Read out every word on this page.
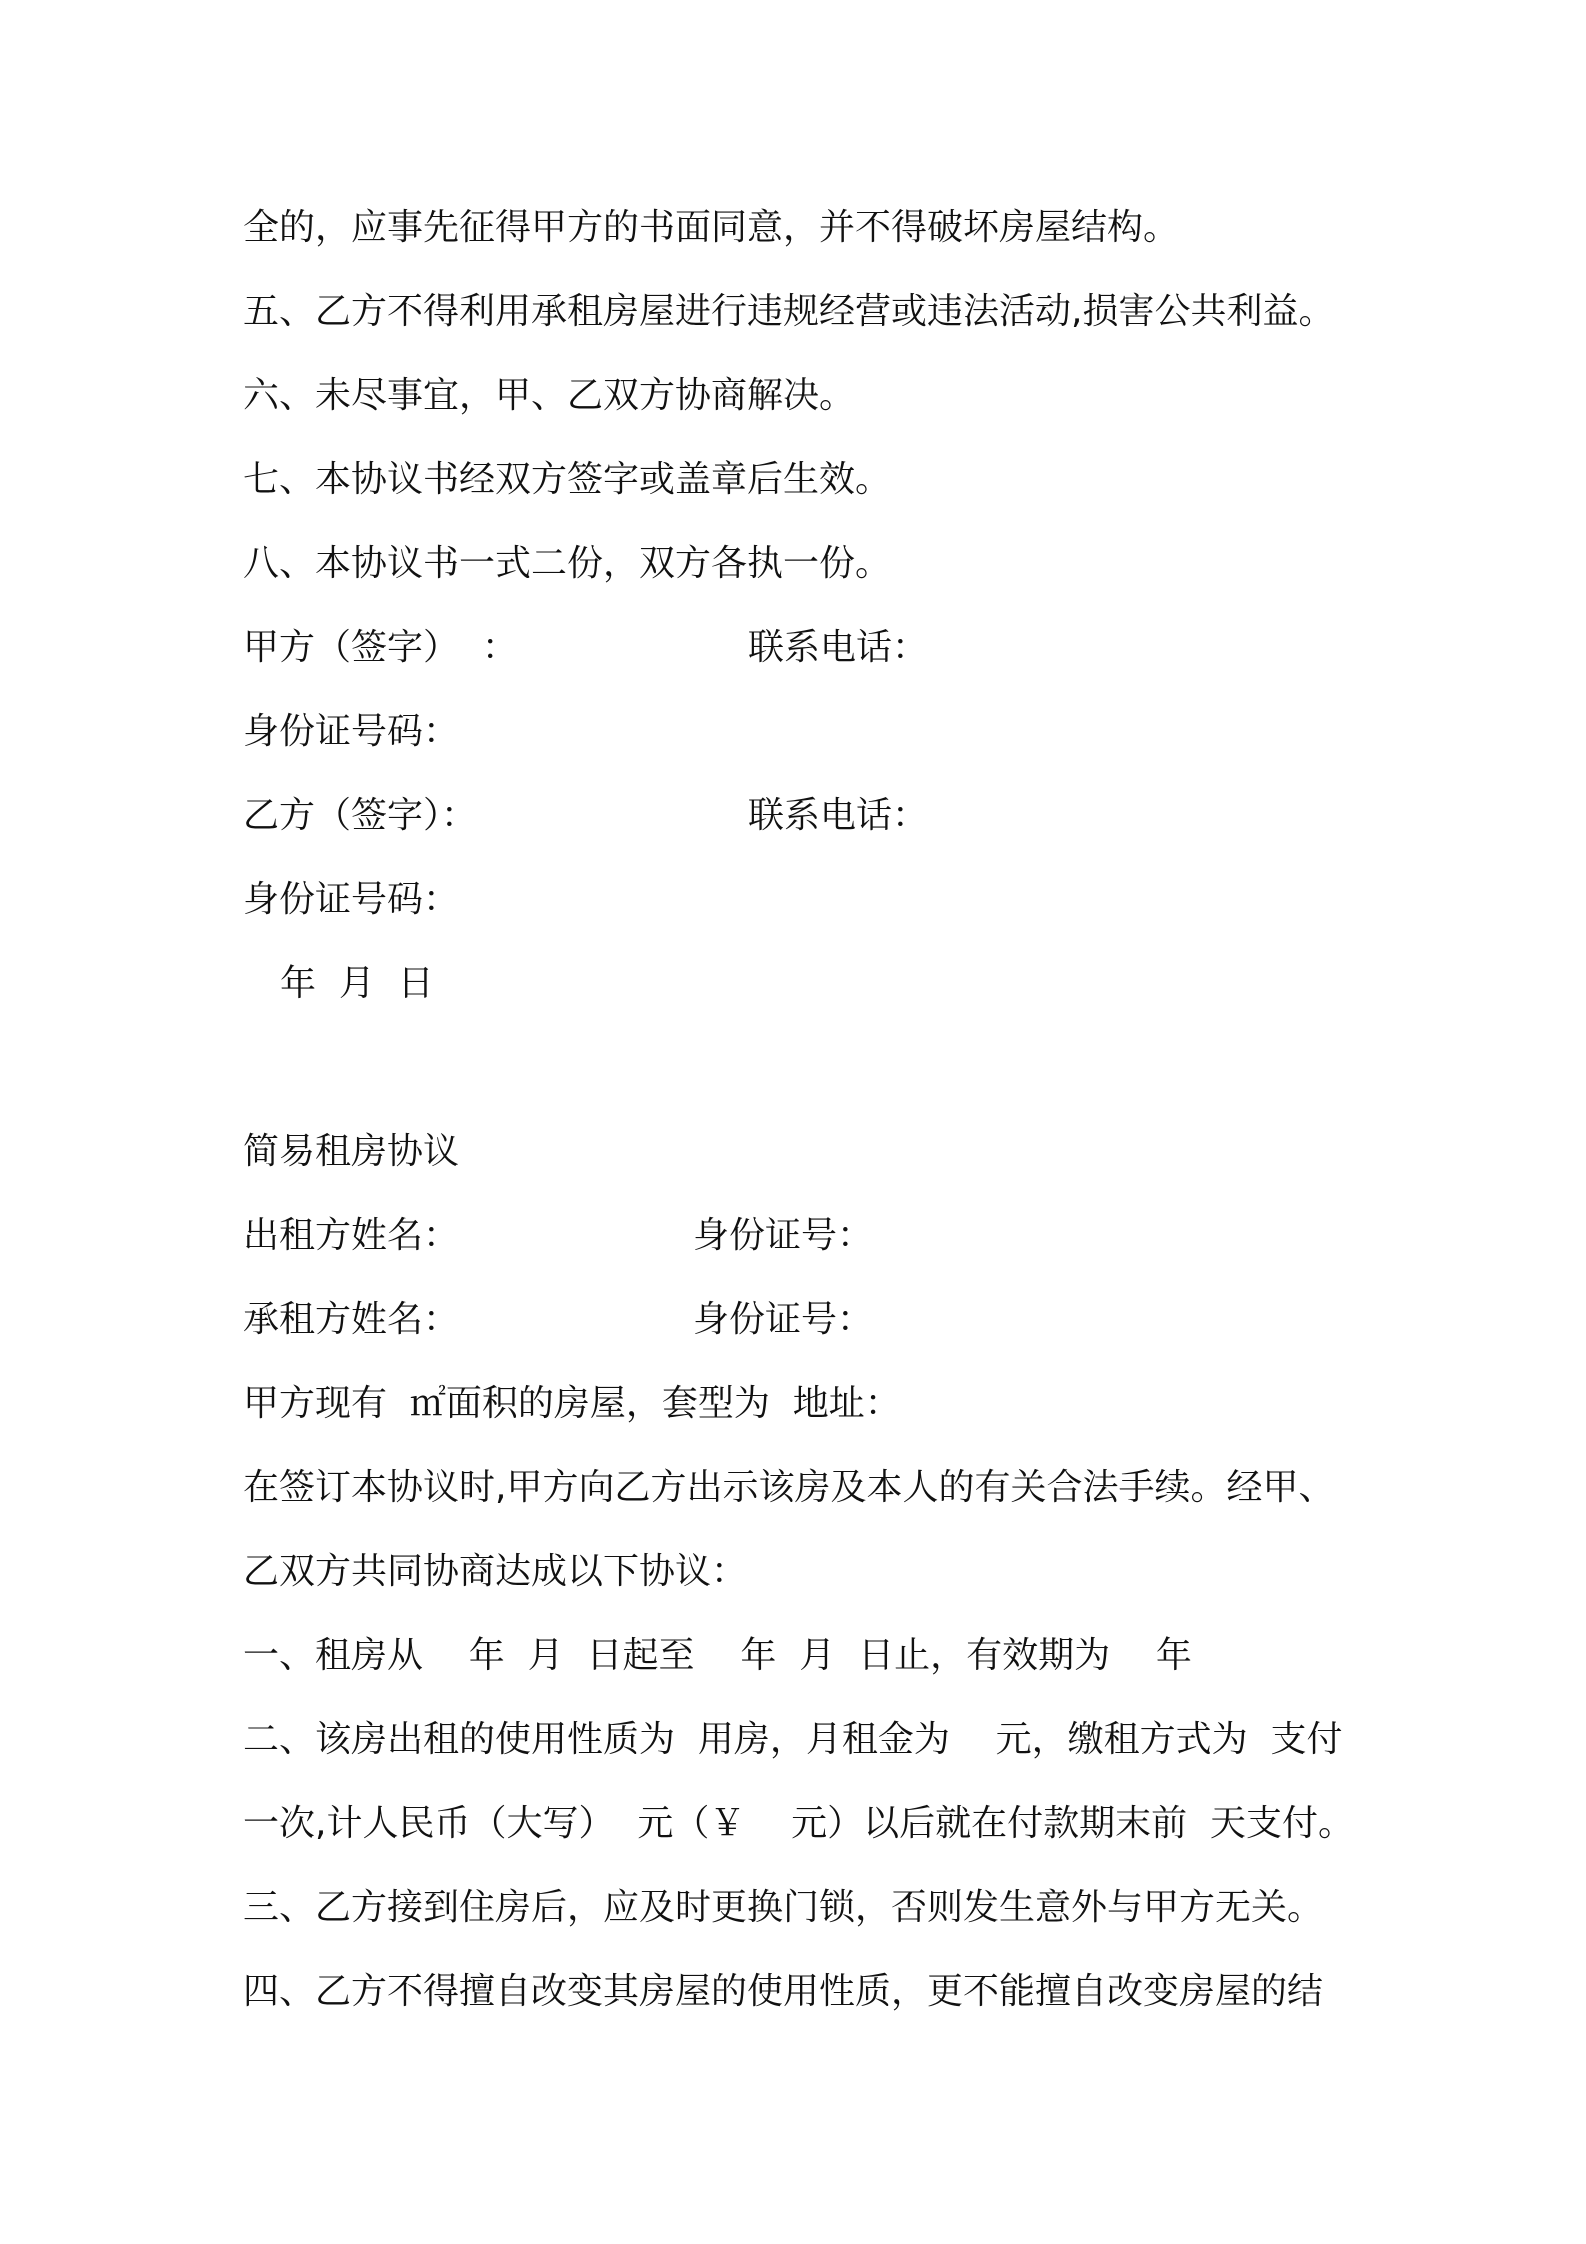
全的，应事先征得甲方的书面同意，并不得破坏房屋结构。
五、乙方不得利用承租房屋进行违规经营或违法活动,损害公共利益。
六、未尽事宜，甲、乙双方协商解决。
七、本协议书经双方签字或盖章后生效。
八、本协议书一式二份，双方各执一份。
甲方（签字）  ：	联系电话：
身份证号码：
乙方（签字）：	联系电话：
身份证号码：
年  月  日
简易租房协议
出租方姓名：	身份证号：
承租方姓名：	身份证号：
甲方现有  ㎡面积的房屋，套型为  地址：
在签订本协议时,甲方向乙方出示该房及本人的有关合法手续。经甲、
乙双方共同协商达成以下协议：
一、租房从    年  月  日起至    年  月  日止，有效期为    年
二、该房出租的使用性质为  用房，月租金为    元，缴租方式为  支付
一次,计人民币（大写）  元（￥    元）以后就在付款期末前  天支付。
三、乙方接到住房后，应及时更换门锁，否则发生意外与甲方无关。
四、乙方不得擅自改变其房屋的使用性质，更不能擅自改变房屋的结
